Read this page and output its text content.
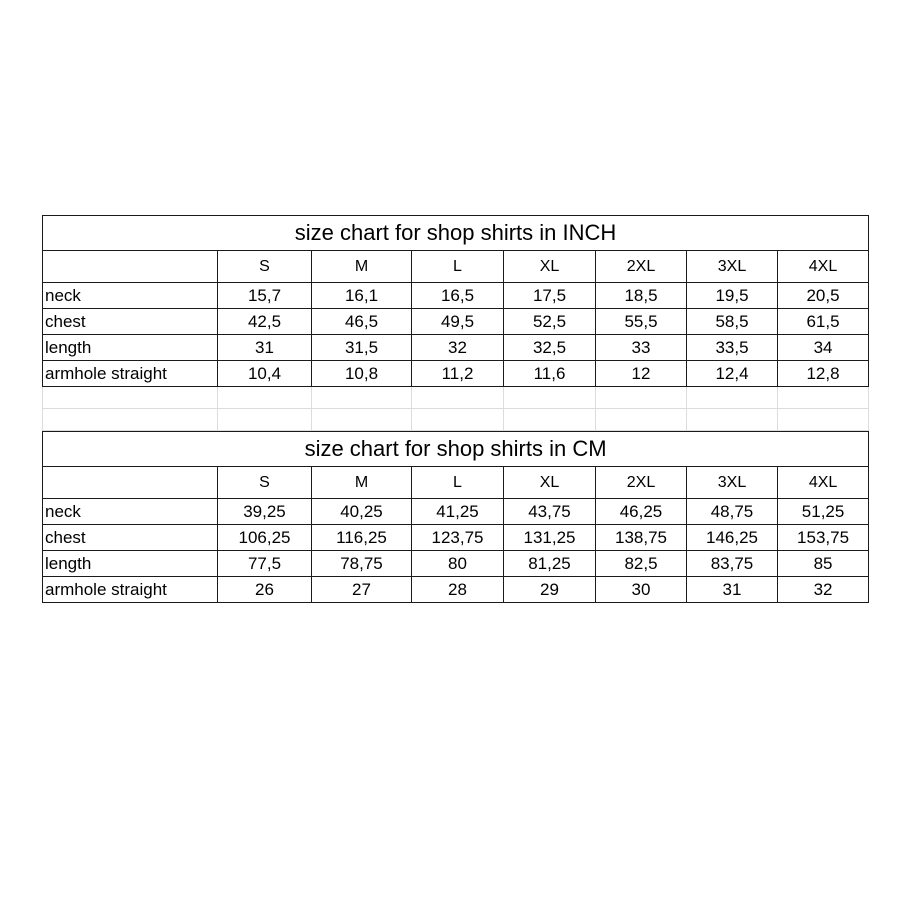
size chart for shop shirts in INCH							
	S	M	L	XL	2XL	3XL	4XL
neck	15,7	16,1	16,5	17,5	18,5	19,5	20,5
chest	42,5	46,5	49,5	52,5	55,5	58,5	61,5
length	31	31,5	32	32,5	33	33,5	34
armhole straight	10,4	10,8	11,2	11,6	12	12,4	12,8

size chart for shop shirts in CM							
	S	M	L	XL	2XL	3XL	4XL
neck	39,25	40,25	41,25	43,75	46,25	48,75	51,25
chest	106,25	116,25	123,75	131,25	138,75	146,25	153,75
length	77,5	78,75	80	81,25	82,5	83,75	85
armhole straight	26	27	28	29	30	31	32
